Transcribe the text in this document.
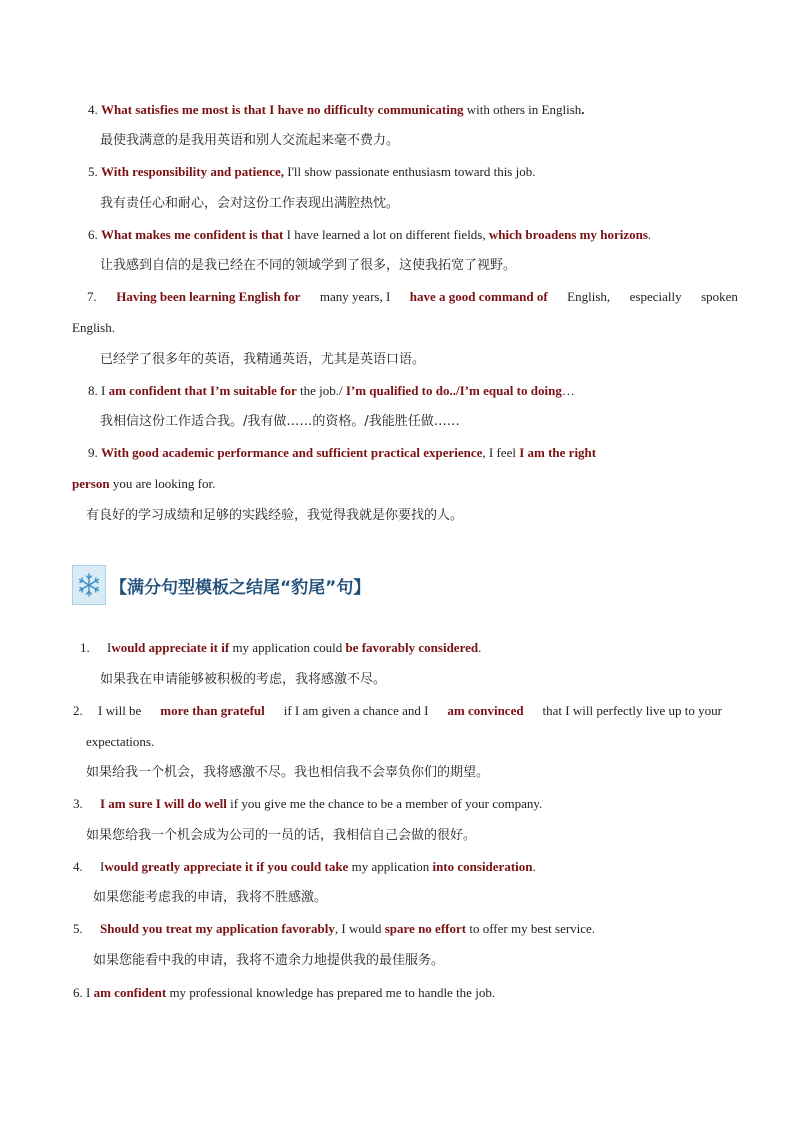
4. What satisfies me most is that I have no difficulty communicating with others in English.
最使我满意的是我用英语和别人交流起来毫不费力。
5. With responsibility and patience, I'll show passionate enthusiasm toward this job.
我有责任心和耐心，会对这份工作表现出满腔热忱。
6. What makes me confident is that I have learned a lot on different fields, which broadens my horizons.
让我感到自信的是我已经在不同的领域学到了很多，这使我拓宽了视野。
7. Having been learning English for many years, I have a good command of English, especially spoken
English.
已经学了很多年的英语，我精通英语，尤其是英语口语。
8. I am confident that I’m suitable for the job./ I’m qualified to do../I’m equal to doing…
我相信这份工作适合我。/我有做……的资格。/我能胜任做……
9. With good academic performance and sufficient practical experience, I feel I am the right
person you are looking for.
有良好的学习成绩和足够的实践经验，我觉得我就是你要找的人。
【满分句型模板之结尾“豹尾”句】
1. Iwould appreciate it if my application could be favorably considered.
如果我在申请能够被积极的考虑，我将感激不尽。
2. I will be more than grateful if I am given a chance and I am convinced that I will perfectly live up to your
expectations.
如果给我一个机会，我将感激不尽。我也相信我不会辜负你们的期望。
3. I am sure I will do well if you give me the chance to be a member of your company.
如果您给我一个机会成为公司的一员的话，我相信自己会做的很好。
4. Iwould greatly appreciate it if you could take my application into consideration.
如果您能考虑我的申请，我将不胜感激。
5. Should you treat my application favorably, I would spare no effort to offer my best service.
如果您能看中我的申请，我将不遗余力地提供我的最佳服务。
6. I am confident my professional knowledge has prepared me to handle the job.
